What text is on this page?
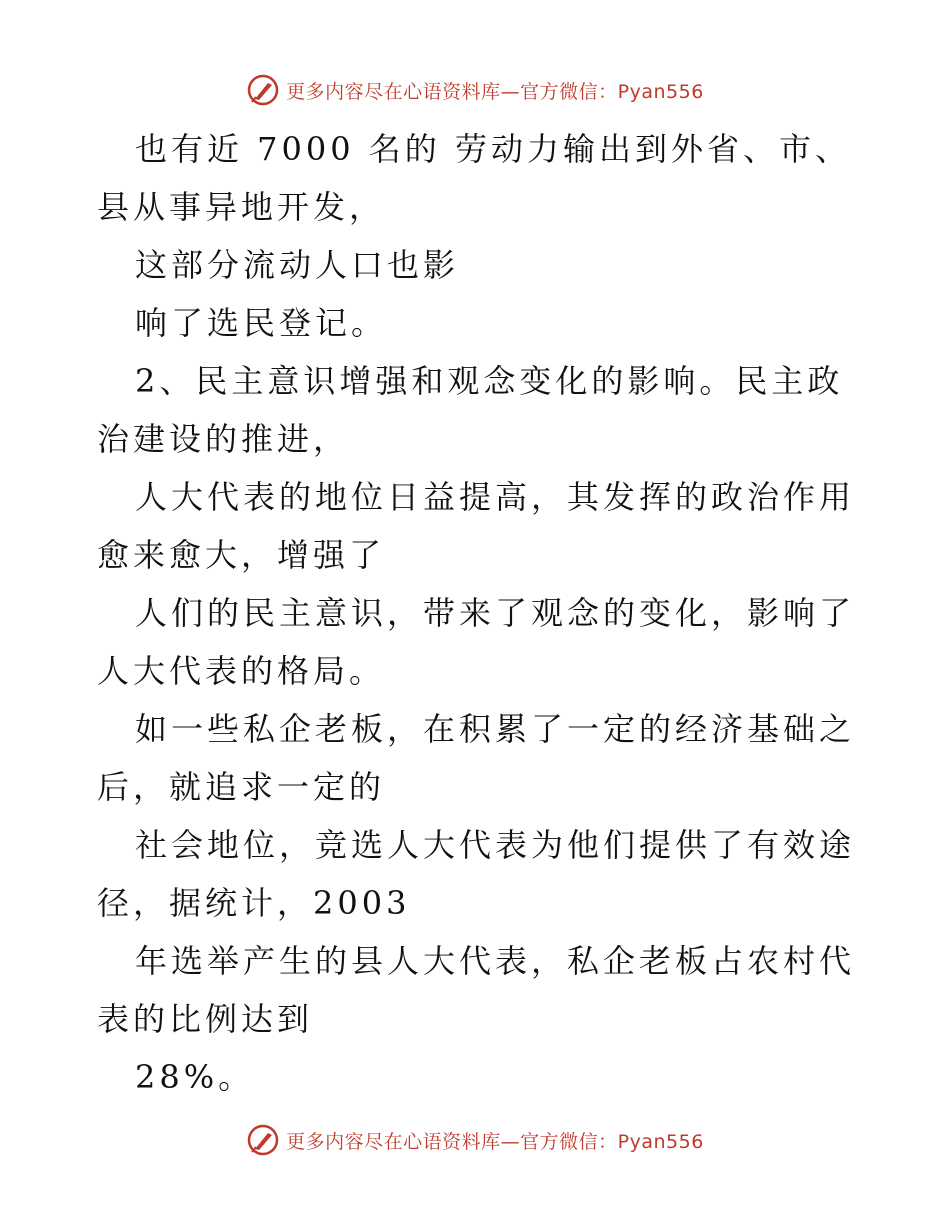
更多内容尽在心语资料库—官方微信：Pyan556

也有近 7000 名的 劳动力输出到外省、市、县从事异地开发，

这部分流动人口也影

响了选民登记。

2、民主意识增强和观念变化的影响。民主政治建设的推进，

人大代表的地位日益提高，其发挥的政治作用愈来愈大，增强了

人们的民主意识，带来了观念的变化，影响了人大代表的格局。

如一些私企老板，在积累了一定的经济基础之后，就追求一定的

社会地位，竞选人大代表为他们提供了有效途径，据统计，2003

年选举产生的县人大代表，私企老板占农村代表的比例达到

28%。

更多内容尽在心语资料库—官方微信：Pyan556
